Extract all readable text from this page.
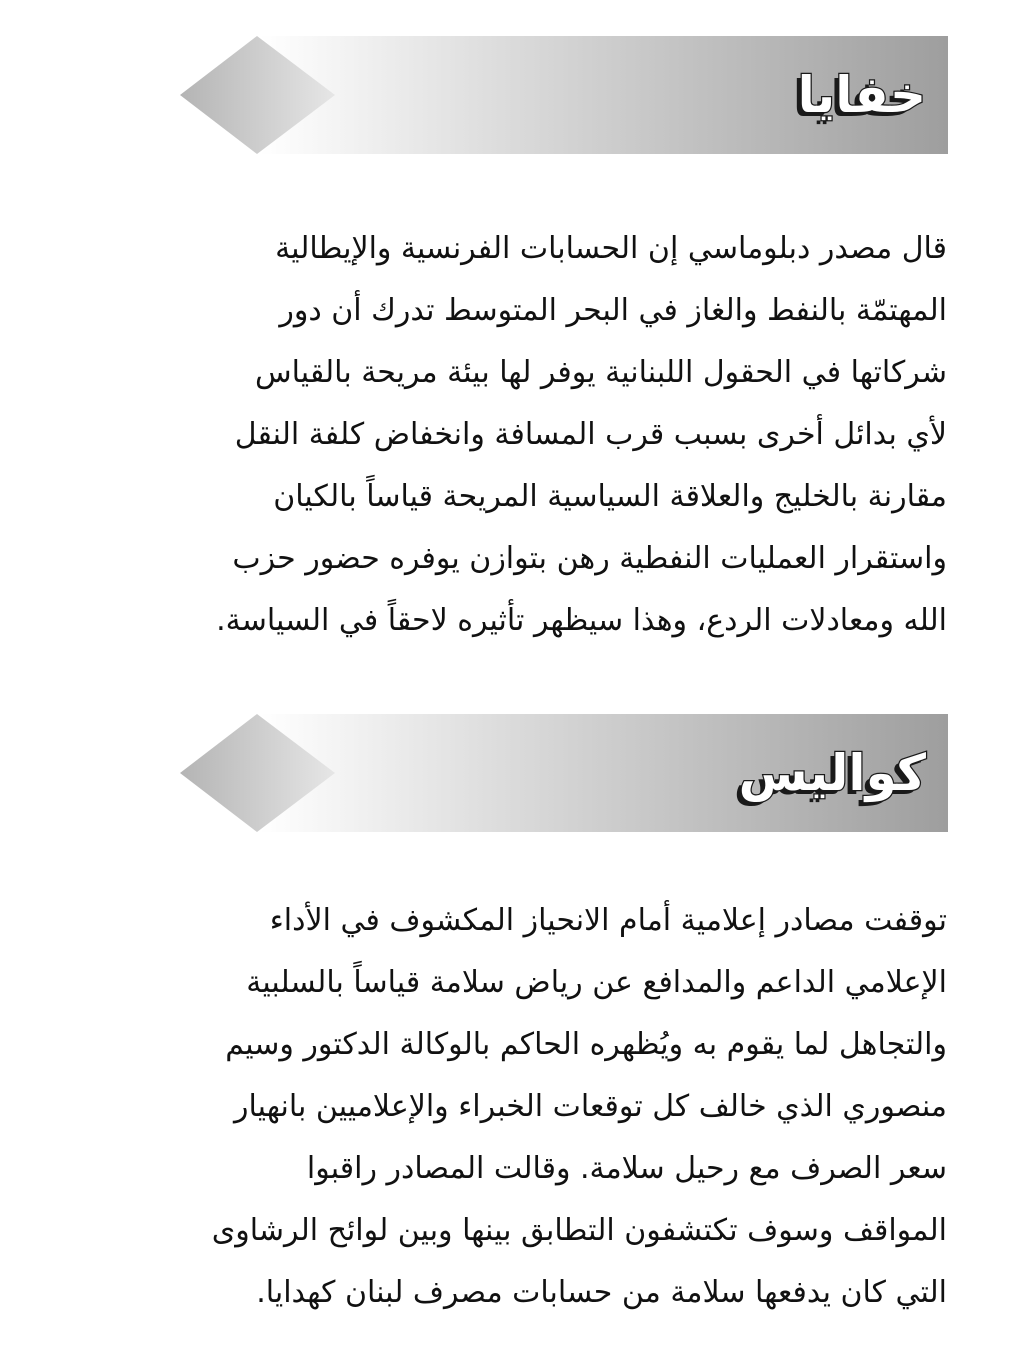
خفايا

قال مصدر دبلوماسي إن الحسابات الفرنسية والإيطالية
المهتمّة بالنفط والغاز في البحر المتوسط تدرك أن دور
شركاتها في الحقول اللبنانية يوفر لها بيئة مريحة بالقياس
لأي بدائل أخرى بسبب قرب المسافة وانخفاض كلفة النقل
مقارنة بالخليج والعلاقة السياسية المريحة قياساً بالكيان
واستقرار العمليات النفطية رهن بتوازن يوفره حضور حزب
الله ومعادلات الردع، وهذا سيظهر تأثيره لاحقاً في السياسة.

كواليس

توقفت مصادر إعلامية أمام الانحياز المكشوف في الأداء
الإعلامي الداعم والمدافع عن رياض سلامة قياساً بالسلبية
والتجاهل لما يقوم به ويُظهره الحاكم بالوكالة الدكتور وسيم
منصوري الذي خالف كل توقعات الخبراء والإعلاميين بانهيار
سعر الصرف مع رحيل سلامة. وقالت المصادر راقبوا
المواقف وسوف تكتشفون التطابق بينها وبين لوائح الرشاوى
التي كان يدفعها سلامة من حسابات مصرف لبنان كهدايا.
